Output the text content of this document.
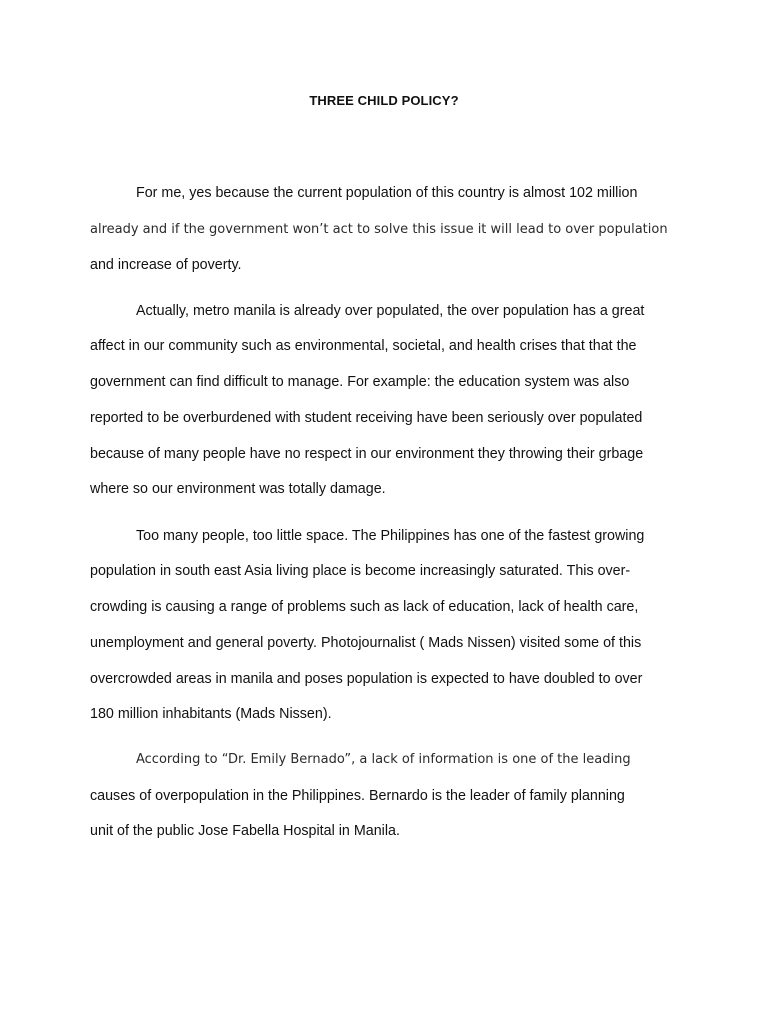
THREE CHILD POLICY?
For me, yes because the current population of this country is almost 102 million
already and if the government won’t act to solve this issue it will lead to over population
and increase of poverty.
Actually, metro manila is already over populated, the over population has a great
affect in our community such as environmental, societal, and health crises that that the
government can find difficult to manage. For example: the education system was also
reported to be overburdened with student receiving have been seriously over populated
because of many people have no respect in our environment they throwing their grbage
where so our environment was totally damage.
Too many people, too little space. The Philippines has one of the fastest growing
population in south east Asia living place is become increasingly saturated. This over-
crowding is causing a range of problems such as lack of education, lack of health care,
unemployment and general poverty. Photojournalist ( Mads Nissen) visited some of this
overcrowded areas in manila and poses population is expected to have doubled to over
180 million inhabitants (Mads Nissen).
According to “Dr. Emily Bernado”, a lack of information is one of the leading
causes of overpopulation in the Philippines. Bernardo is the leader of family planning
unit of the public Jose Fabella Hospital in Manila.
